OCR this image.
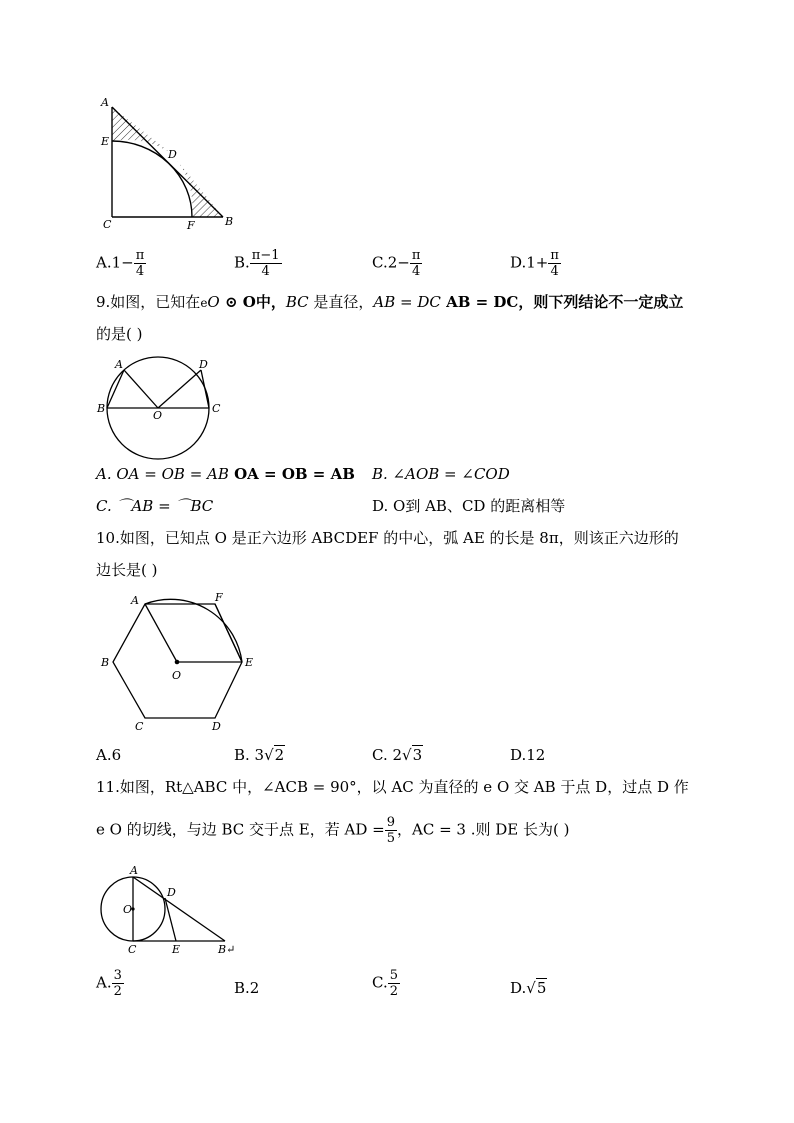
A
E
D
C	F	B
$A.1- \frac{\pi}{4}$	B. $\frac{\pi-1}{4}$	$C.2- \frac{\pi}{4}$	$D.1+ \frac{\pi}{4}$
9.如图，已知在eO ⊙ O中，BC 是直径，AB = DC AB = DC，则下列结论不一定成立
的是( )
A	D
B
O
C
A. OA = OB = AB OA = OB = AB B. ∠AOB = ∠COD
C. ⌒AB = ⌒BC	D. O到 AB、CD 的距离相等
10.如图，已知点 O 是正六边形 ABCDEF 的中心，弧 AE 的长是 8π，则该正六边形的
边长是( )
A	F
B	E
O
C	D
A.6	B. 3√2	C. 2√3	D.12
11.如图，Rt△ABC 中，∠ACB = 90°，以 AC 为直径的 e O 交 AB 于点 D，过点 D 作
e O 的切线，与边 BC 交于点 E，若 AD = $\frac{9}{5}$ ，AC = 3 .则 DE 长为( )
A
D
O
C	E	B↵
A. $\frac{3}{2}$	B.2	C. $\frac{5}{2}$	D.√5
